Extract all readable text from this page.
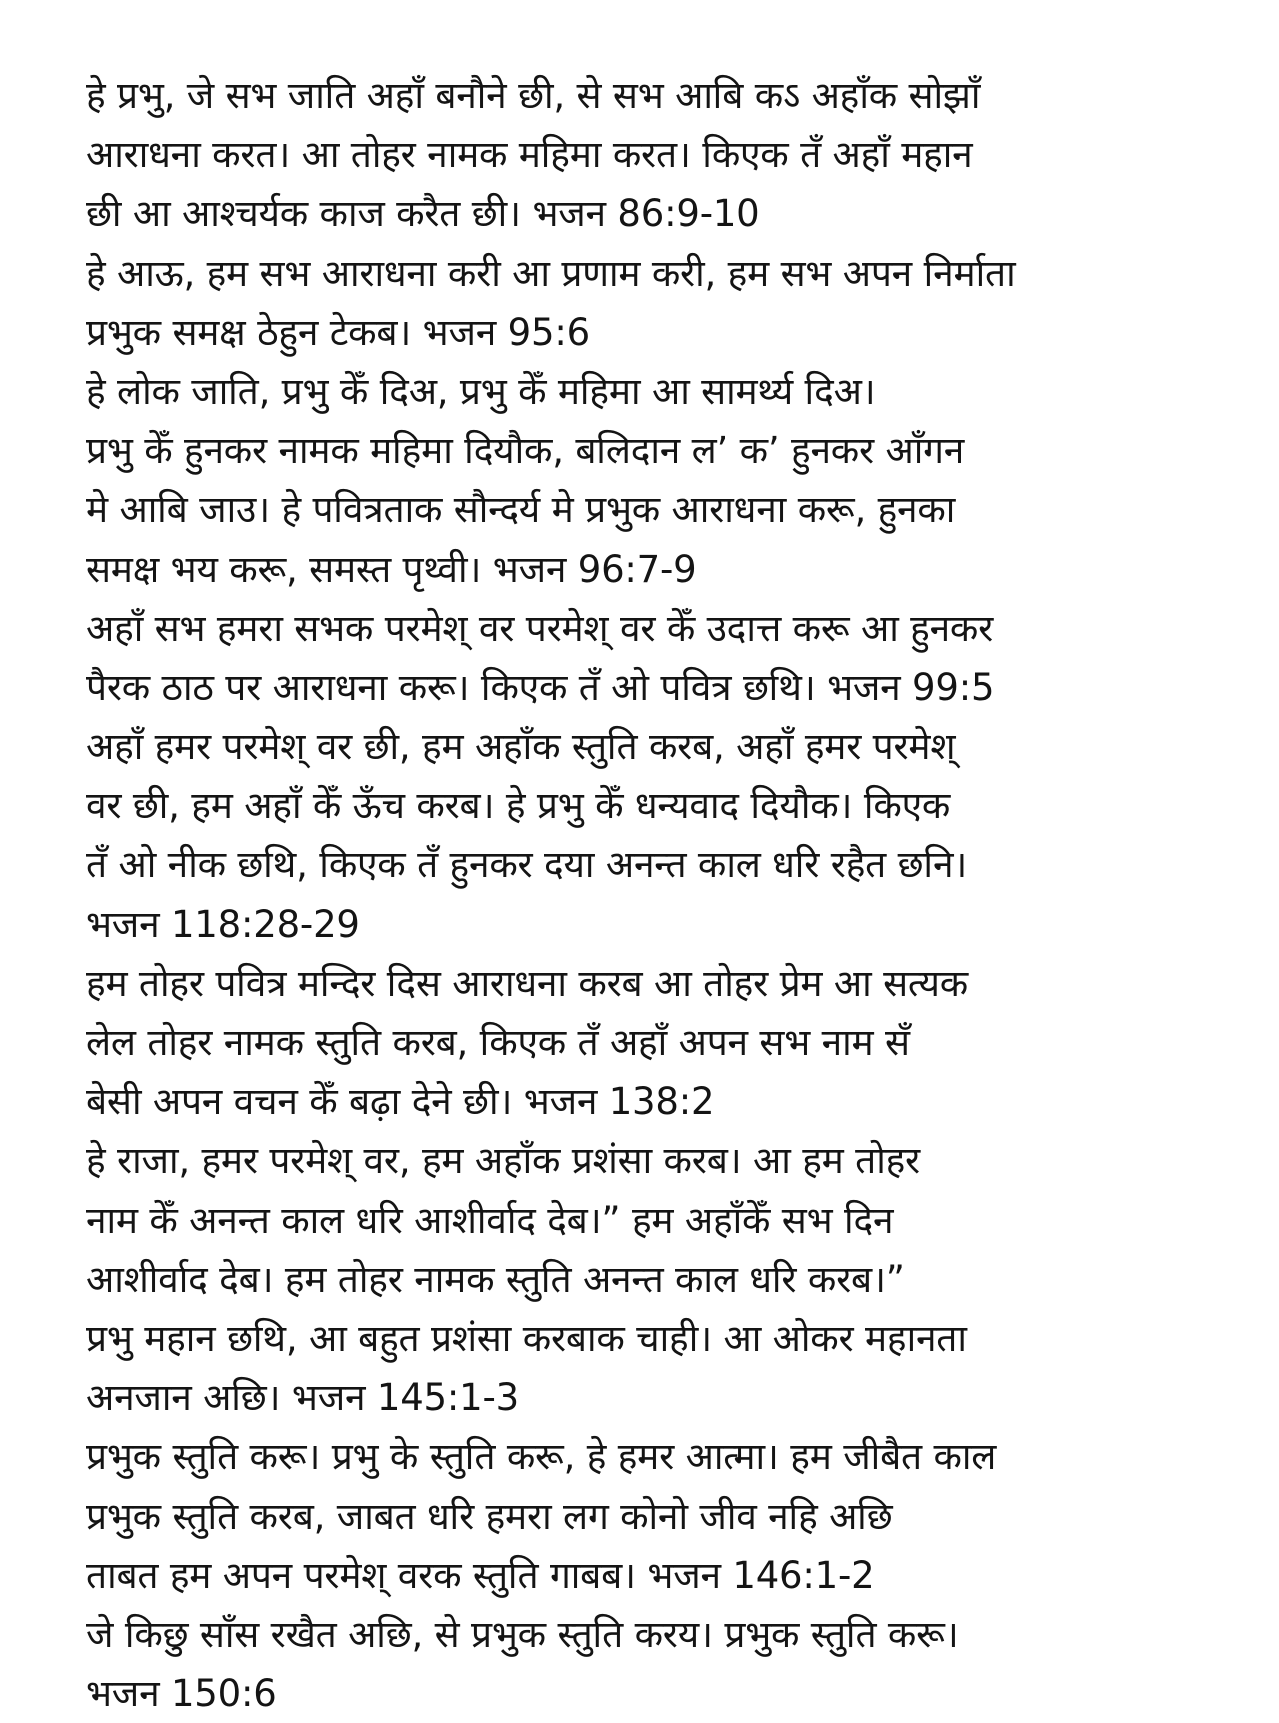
हे प्रभु, जे सभ जाति अहाँ बनौने छी, से सभ आबि कऽ अहाँक सोझाँ
आराधना करत। आ तोहर नामक महिमा करत। किएक तँ अहाँ महान
छी आ आश्चर्यक काज करैत छी। भजन 86:9-10
हे आऊ, हम सभ आराधना करी आ प्रणाम करी, हम सभ अपन निर्माता
प्रभुक समक्ष ठेहुन टेकब। भजन 95:6
हे लोक जाति, प्रभु केँ दिअ, प्रभु केँ महिमा आ सामर्थ्य दिअ।
प्रभु केँ हुनकर नामक महिमा दियौक, बलिदान ल’ क’ हुनकर आँगन
मे आबि जाउ। हे पवित्रताक सौन्दर्य मे प्रभुक आराधना करू, हुनका
समक्ष भय करू, समस्त पृथ्वी। भजन 96:7-9
अहाँ सभ हमरा सभक परमेश् वर परमेश् वर केँ उदात्त करू आ हुनकर
पैरक ठाठ पर आराधना करू। किएक तँ ओ पवित्र छथि। भजन 99:5
अहाँ हमर परमेश् वर छी, हम अहाँक स्तुति करब, अहाँ हमर परमेश्
वर छी, हम अहाँ केँ ऊँच करब। हे प्रभु केँ धन्यवाद दियौक। किएक
तँ ओ नीक छथि, किएक तँ हुनकर दया अनन्त काल धरि रहैत छनि।
भजन 118:28-29
हम तोहर पवित्र मन्दिर दिस आराधना करब आ तोहर प्रेम आ सत्यक
लेल तोहर नामक स्तुति करब, किएक तँ अहाँ अपन सभ नाम सँ
बेसी अपन वचन केँ बढ़ा देने छी। भजन 138:2
हे राजा, हमर परमेश् वर, हम अहाँक प्रशंसा करब। आ हम तोहर
नाम केँ अनन्त काल धरि आशीर्वाद देब।” हम अहाँकेँ सभ दिन
आशीर्वाद देब। हम तोहर नामक स्तुति अनन्त काल धरि करब।”
प्रभु महान छथि, आ बहुत प्रशंसा करबाक चाही। आ ओकर महानता
अनजान अछि। भजन 145:1-3
प्रभुक स्तुति करू। प्रभु के स्तुति करू, हे हमर आत्मा। हम जीबैत काल
प्रभुक स्तुति करब, जाबत धरि हमरा लग कोनो जीव नहि अछि
ताबत हम अपन परमेश् वरक स्तुति गाबब। भजन 146:1-2
जे किछु साँस रखैत अछि, से प्रभुक स्तुति करय। प्रभुक स्तुति करू।
भजन 150:6
